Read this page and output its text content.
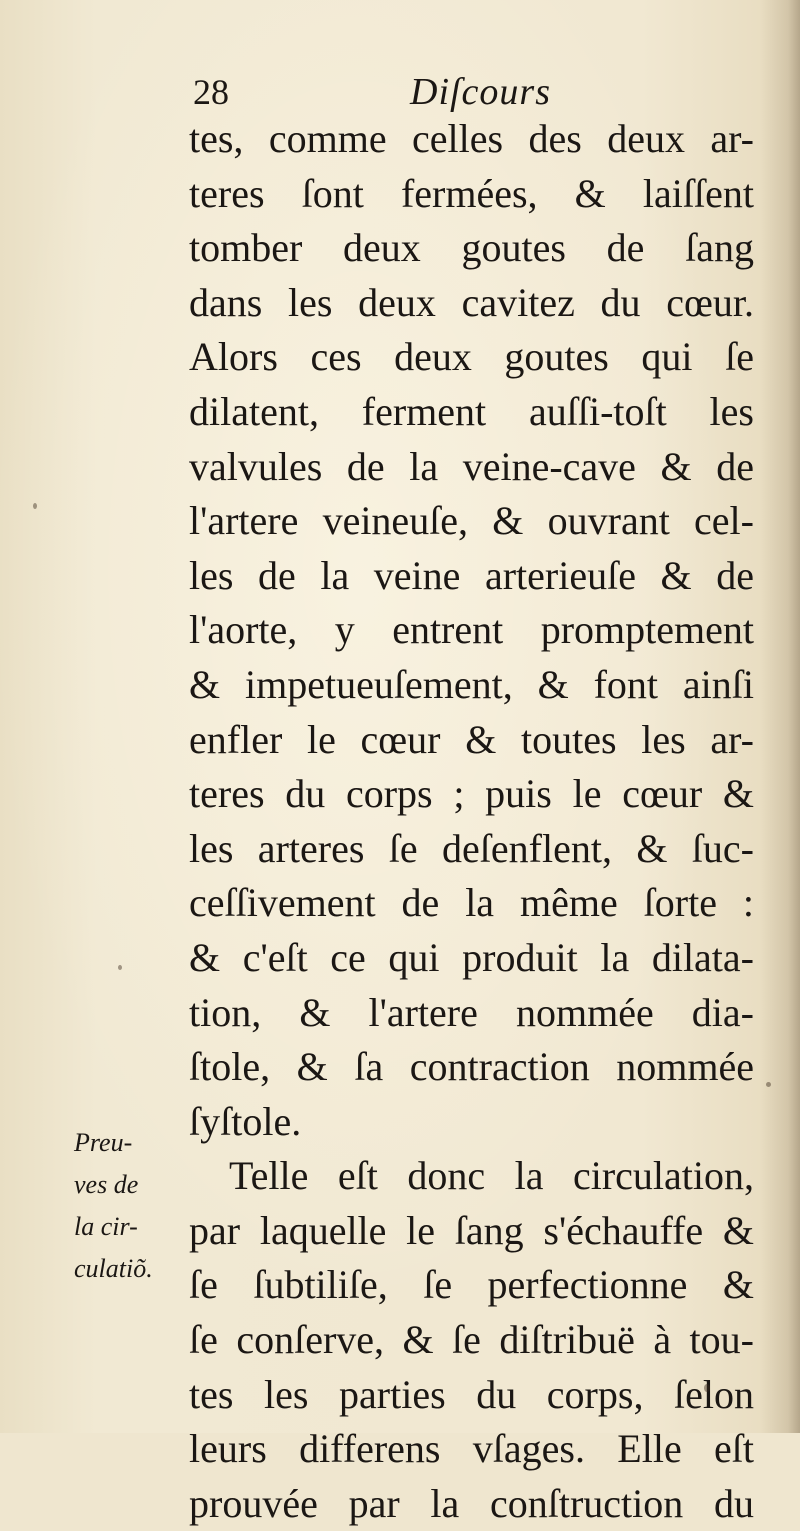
28	Diſcours
tes, comme celles des deux ar-
teres ſont fermées, & laiſſent
tomber deux goutes de ſang
dans les deux cavitez du cœur.
Alors ces deux goutes qui ſe
dilatent, ferment auſſi-toſt les
valvules de la veine-cave & de
l'artere veineuſe, & ouvrant cel-
les de la veine arterieuſe & de
l'aorte, y entrent promptement
& impetueuſement, & font ainſi
enfler le cœur & toutes les ar-
teres du corps ; puis le cœur &
les arteres ſe deſenflent, & ſuc-
ceſſivement de la même ſorte :
& c'eſt ce qui produit la dilata-
tion, & l'artere nommée dia-
ſtole, & ſa contraction nommée
ſyſtole.
Telle eſt donc la circulation,
par laquelle le ſang s'échauffe &
ſe ſubtiliſe, ſe perfectionne &
ſe conſerve, & ſe diſtribuë à tou-
tes les parties du corps, ſelon
leurs differens vſages. Elle eſt
prouvée par la conſtruction du
Preu-
ves de
la cir-
culatiõ.
